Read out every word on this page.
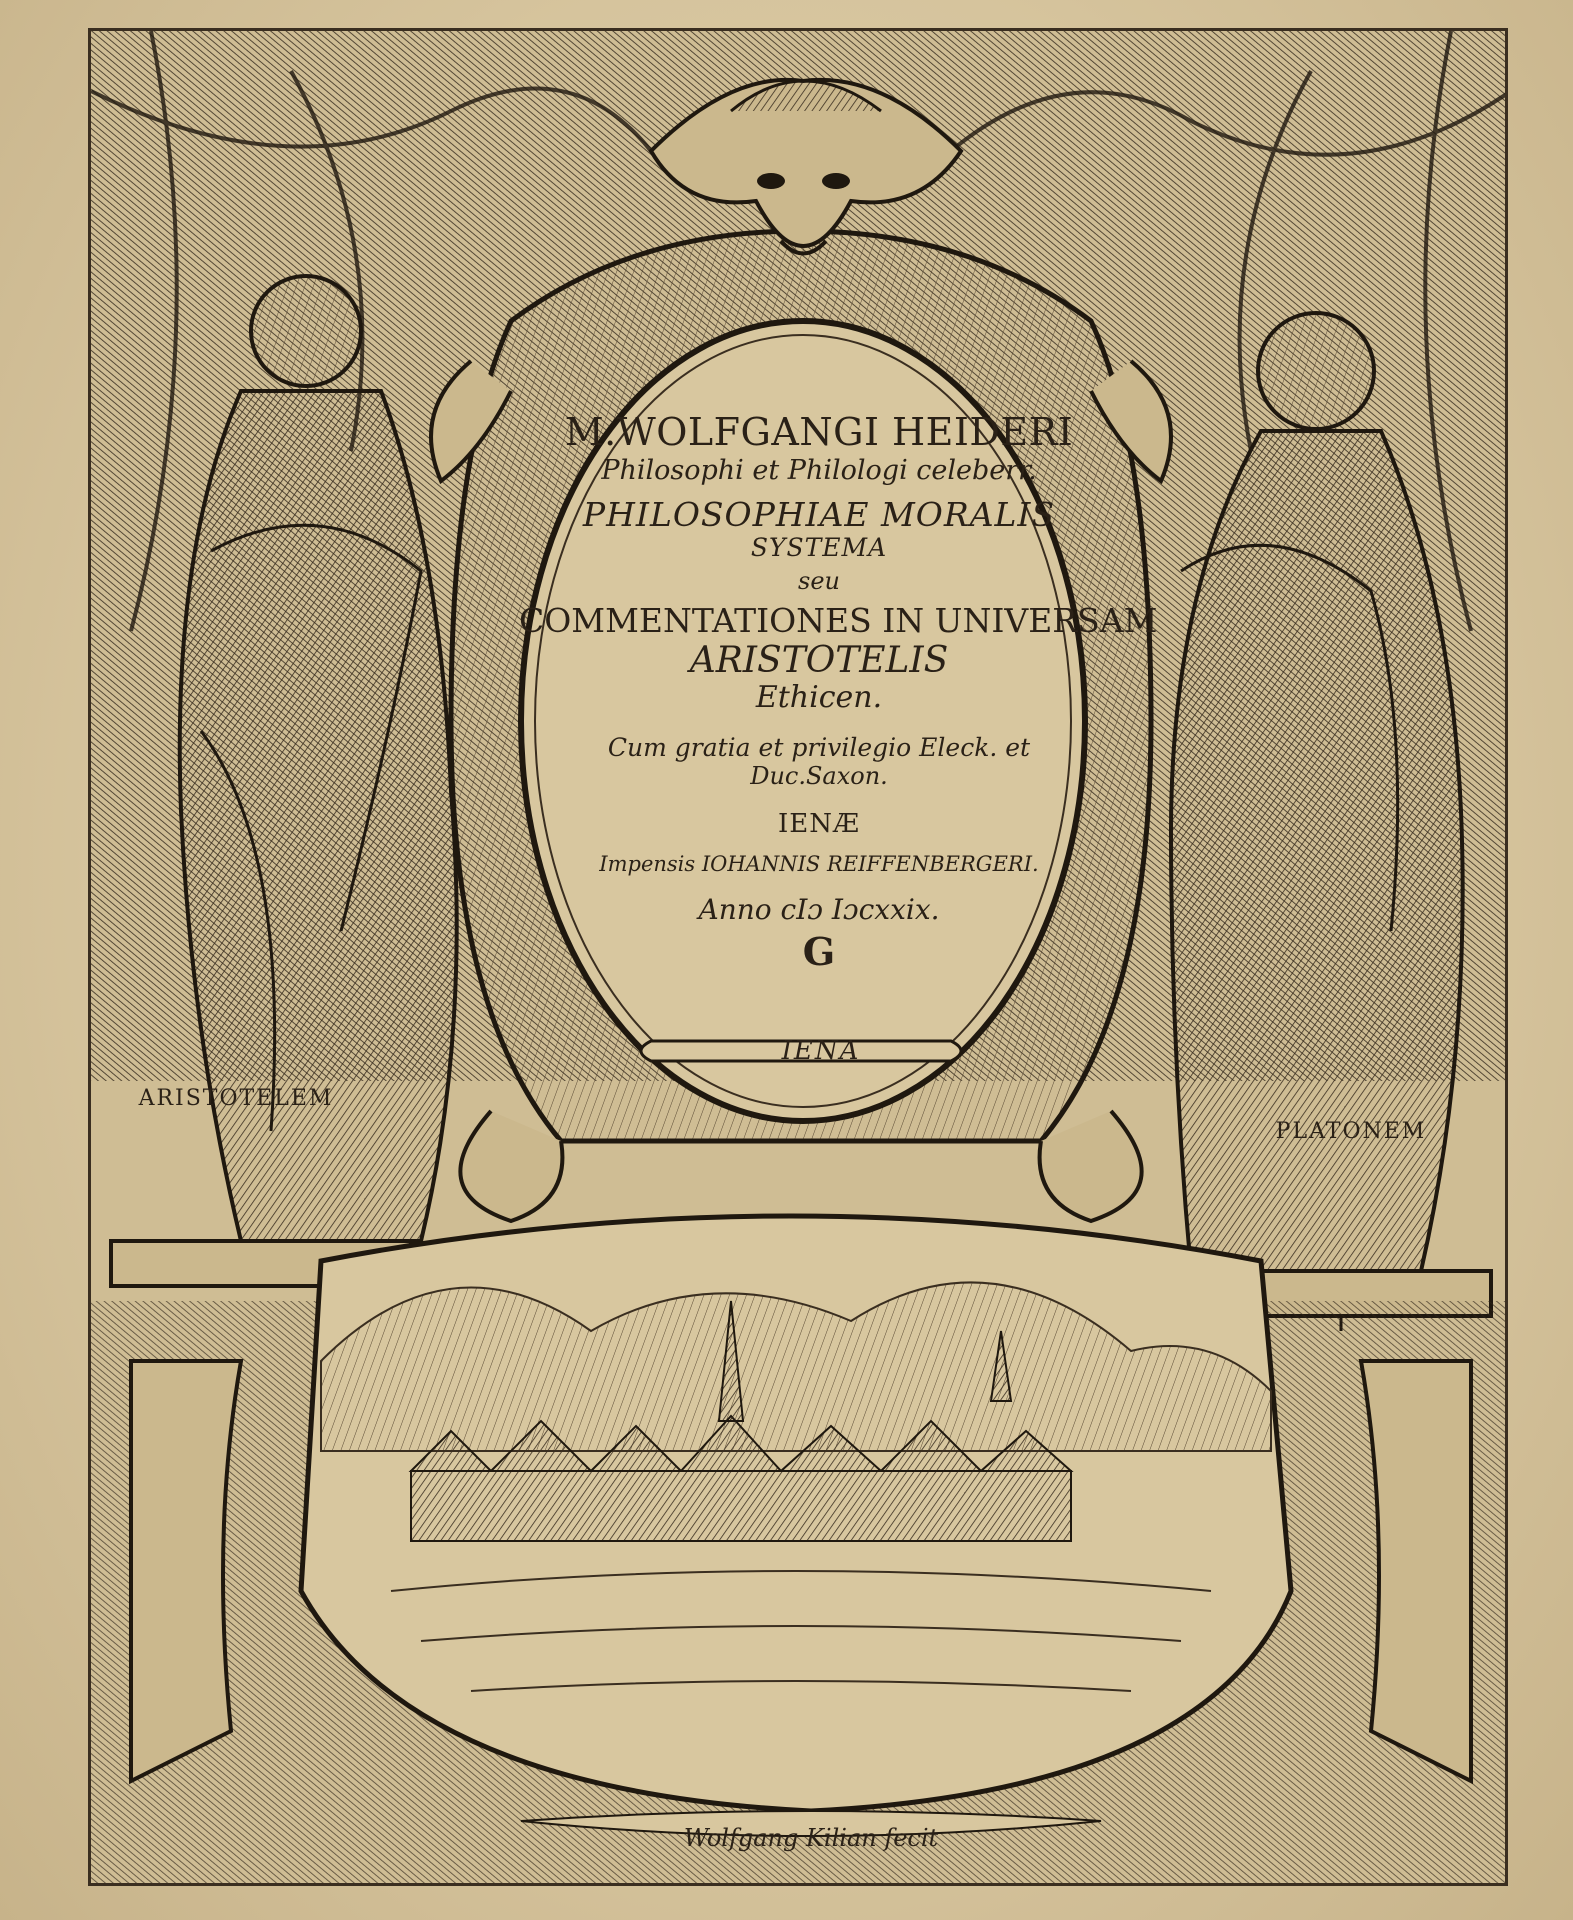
M.WOLFGANGI HEIDERI
Philosophi et Philologi celeberr.
PHILOSOPHIAE MORALIS
SYSTEMA
seu
COMMENTATIONES IN UNIVERSAM
ARISTOTELIS
Ethicen.
Cum gratia et privilegio Eleck. et
Duc.Saxon.
IENÆ
Impensis IOHANNIS REIFFENBERGERI.
Anno cIɔ Iɔcxxix.
G
IENA
ARISTOTELEM
PLATONEM
Wolfgang Kilian fecit
